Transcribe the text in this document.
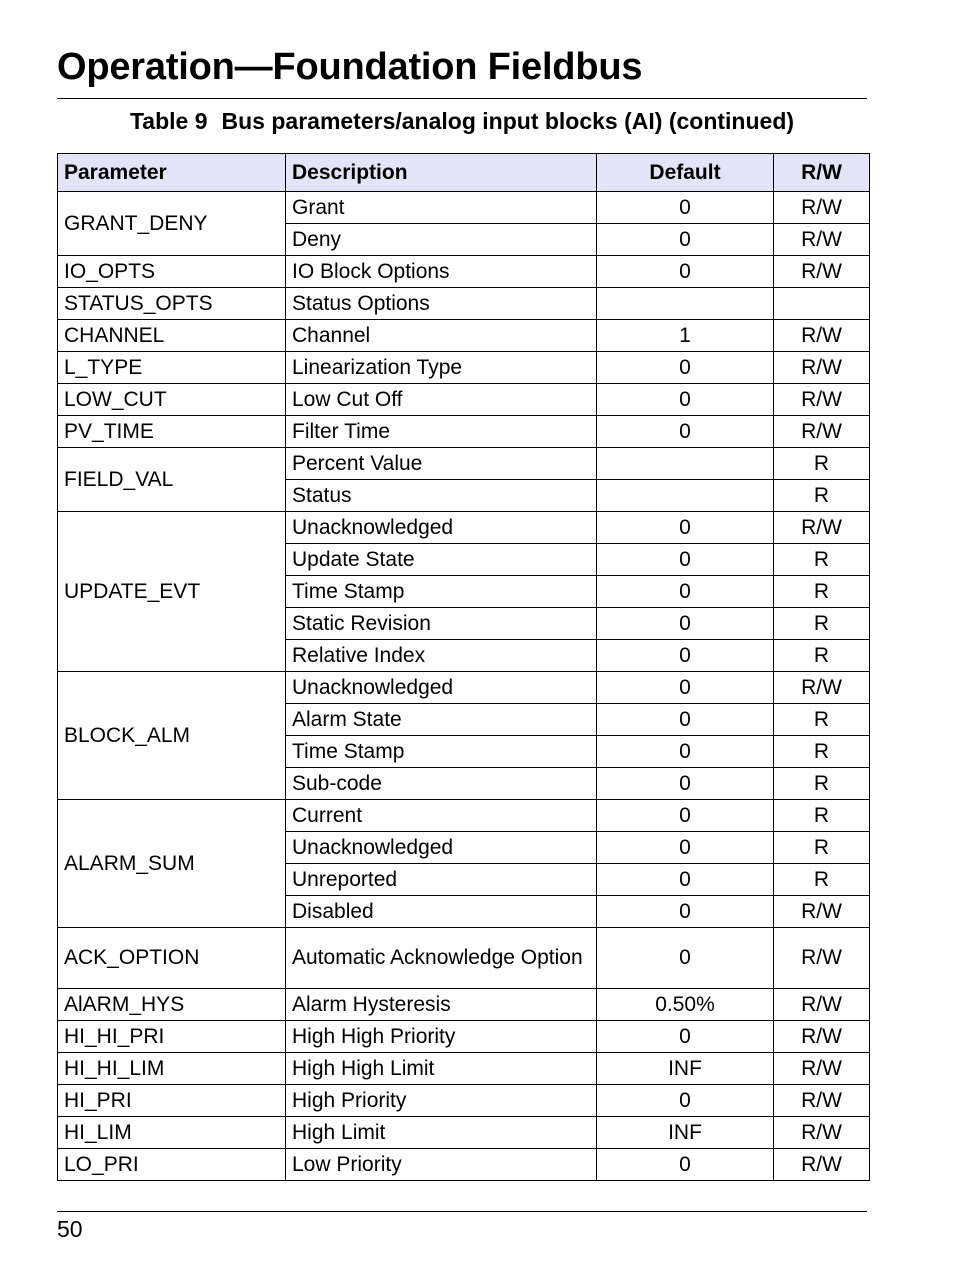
Operation—Foundation Fieldbus
Table 9 Bus parameters/analog input blocks (AI) (continued)
Parameter	Description	Default	R/W
GRANT_DENY	Grant	0	R/W
	Deny	0	R/W
IO_OPTS	IO Block Options	0	R/W
STATUS_OPTS	Status Options		
CHANNEL	Channel	1	R/W
L_TYPE	Linearization Type	0	R/W
LOW_CUT	Low Cut Off	0	R/W
PV_TIME	Filter Time	0	R/W
FIELD_VAL	Percent Value		R
	Status		R
UPDATE_EVT	Unacknowledged	0	R/W
	Update State	0	R
	Time Stamp	0	R
	Static Revision	0	R
	Relative Index	0	R
BLOCK_ALM	Unacknowledged	0	R/W
	Alarm State	0	R
	Time Stamp	0	R
	Sub-code	0	R
ALARM_SUM	Current	0	R
	Unacknowledged	0	R
	Unreported	0	R
	Disabled	0	R/W
ACK_OPTION	Automatic Acknowledge Option	0	R/W
AlARM_HYS	Alarm Hysteresis	0.50%	R/W
HI_HI_PRI	High High Priority	0	R/W
HI_HI_LIM	High High Limit	INF	R/W
HI_PRI	High Priority	0	R/W
HI_LIM	High Limit	INF	R/W
LO_PRI	Low Priority	0	R/W
50
